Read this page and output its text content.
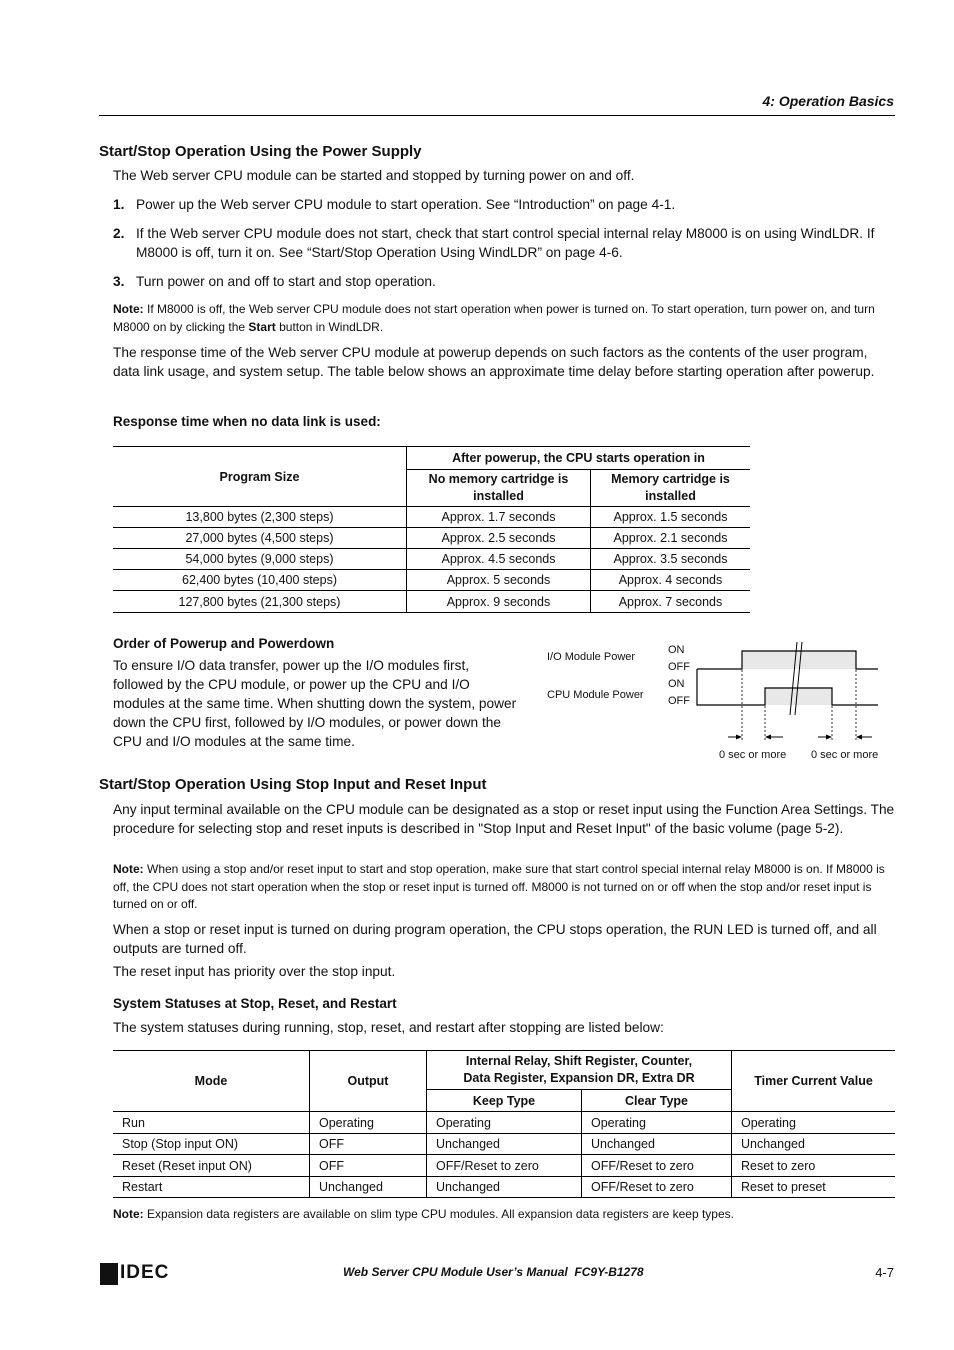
4: Operation Basics
Start/Stop Operation Using the Power Supply
The Web server CPU module can be started and stopped by turning power on and off.
1. Power up the Web server CPU module to start operation. See “Introduction” on page 4-1.
2. If the Web server CPU module does not start, check that start control special internal relay M8000 is on using WindLDR. If M8000 is off, turn it on. See “Start/Stop Operation Using WindLDR” on page 4-6.
3. Turn power on and off to start and stop operation.
Note: If M8000 is off, the Web server CPU module does not start operation when power is turned on. To start operation, turn power on, and turn M8000 on by clicking the Start button in WindLDR.
The response time of the Web server CPU module at powerup depends on such factors as the contents of the user program, data link usage, and system setup. The table below shows an approximate time delay before starting operation after powerup.
Response time when no data link is used:
Program Size	After powerup, the CPU starts operation in	
	No memory cartridge is installed	Memory cartridge is installed
13,800 bytes (2,300 steps)	Approx. 1.7 seconds	Approx. 1.5 seconds
27,000 bytes (4,500 steps)	Approx. 2.5 seconds	Approx. 2.1 seconds
54,000 bytes (9,000 steps)	Approx. 4.5 seconds	Approx. 3.5 seconds
62,400 bytes (10,400 steps)	Approx. 5 seconds	Approx. 4 seconds
127,800 bytes (21,300 steps)	Approx. 9 seconds	Approx. 7 seconds
Order of Powerup and Powerdown
To ensure I/O data transfer, power up the I/O modules first, followed by the CPU module, or power up the CPU and I/O modules at the same time. When shutting down the system, power down the CPU first, followed by I/O modules, or power down the CPU and I/O modules at the same time.
I/O Module Power
CPU Module Power
ON
OFF
ON
OFF
0 sec or more 0 sec or more
Start/Stop Operation Using Stop Input and Reset Input
Any input terminal available on the CPU module can be designated as a stop or reset input using the Function Area Settings. The procedure for selecting stop and reset inputs is described in "Stop Input and Reset Input" of the basic volume (page 5-2).
Note: When using a stop and/or reset input to start and stop operation, make sure that start control special internal relay M8000 is on. If M8000 is off, the CPU does not start operation when the stop or reset input is turned off. M8000 is not turned on or off when the stop and/or reset input is turned on or off.
When a stop or reset input is turned on during program operation, the CPU stops operation, the RUN LED is turned off, and all outputs are turned off.
The reset input has priority over the stop input.
System Statuses at Stop, Reset, and Restart
The system statuses during running, stop, reset, and restart after stopping are listed below:
Mode	Output	Internal Relay, Shift Register, Counter, Data Register, Expansion DR, Extra DR		Timer Current Value
		Keep Type	Clear Type	
Run	Operating	Operating	Operating	Operating
Stop (Stop input ON)	OFF	Unchanged	Unchanged	Unchanged
Reset (Reset input ON)	OFF	OFF/Reset to zero	OFF/Reset to zero	Reset to zero
Restart	Unchanged	Unchanged	OFF/Reset to zero	Reset to preset
Note: Expansion data registers are available on slim type CPU modules. All expansion data registers are keep types.
IDEC	Web Server CPU Module User’s Manual FC9Y-B1278	4-7
